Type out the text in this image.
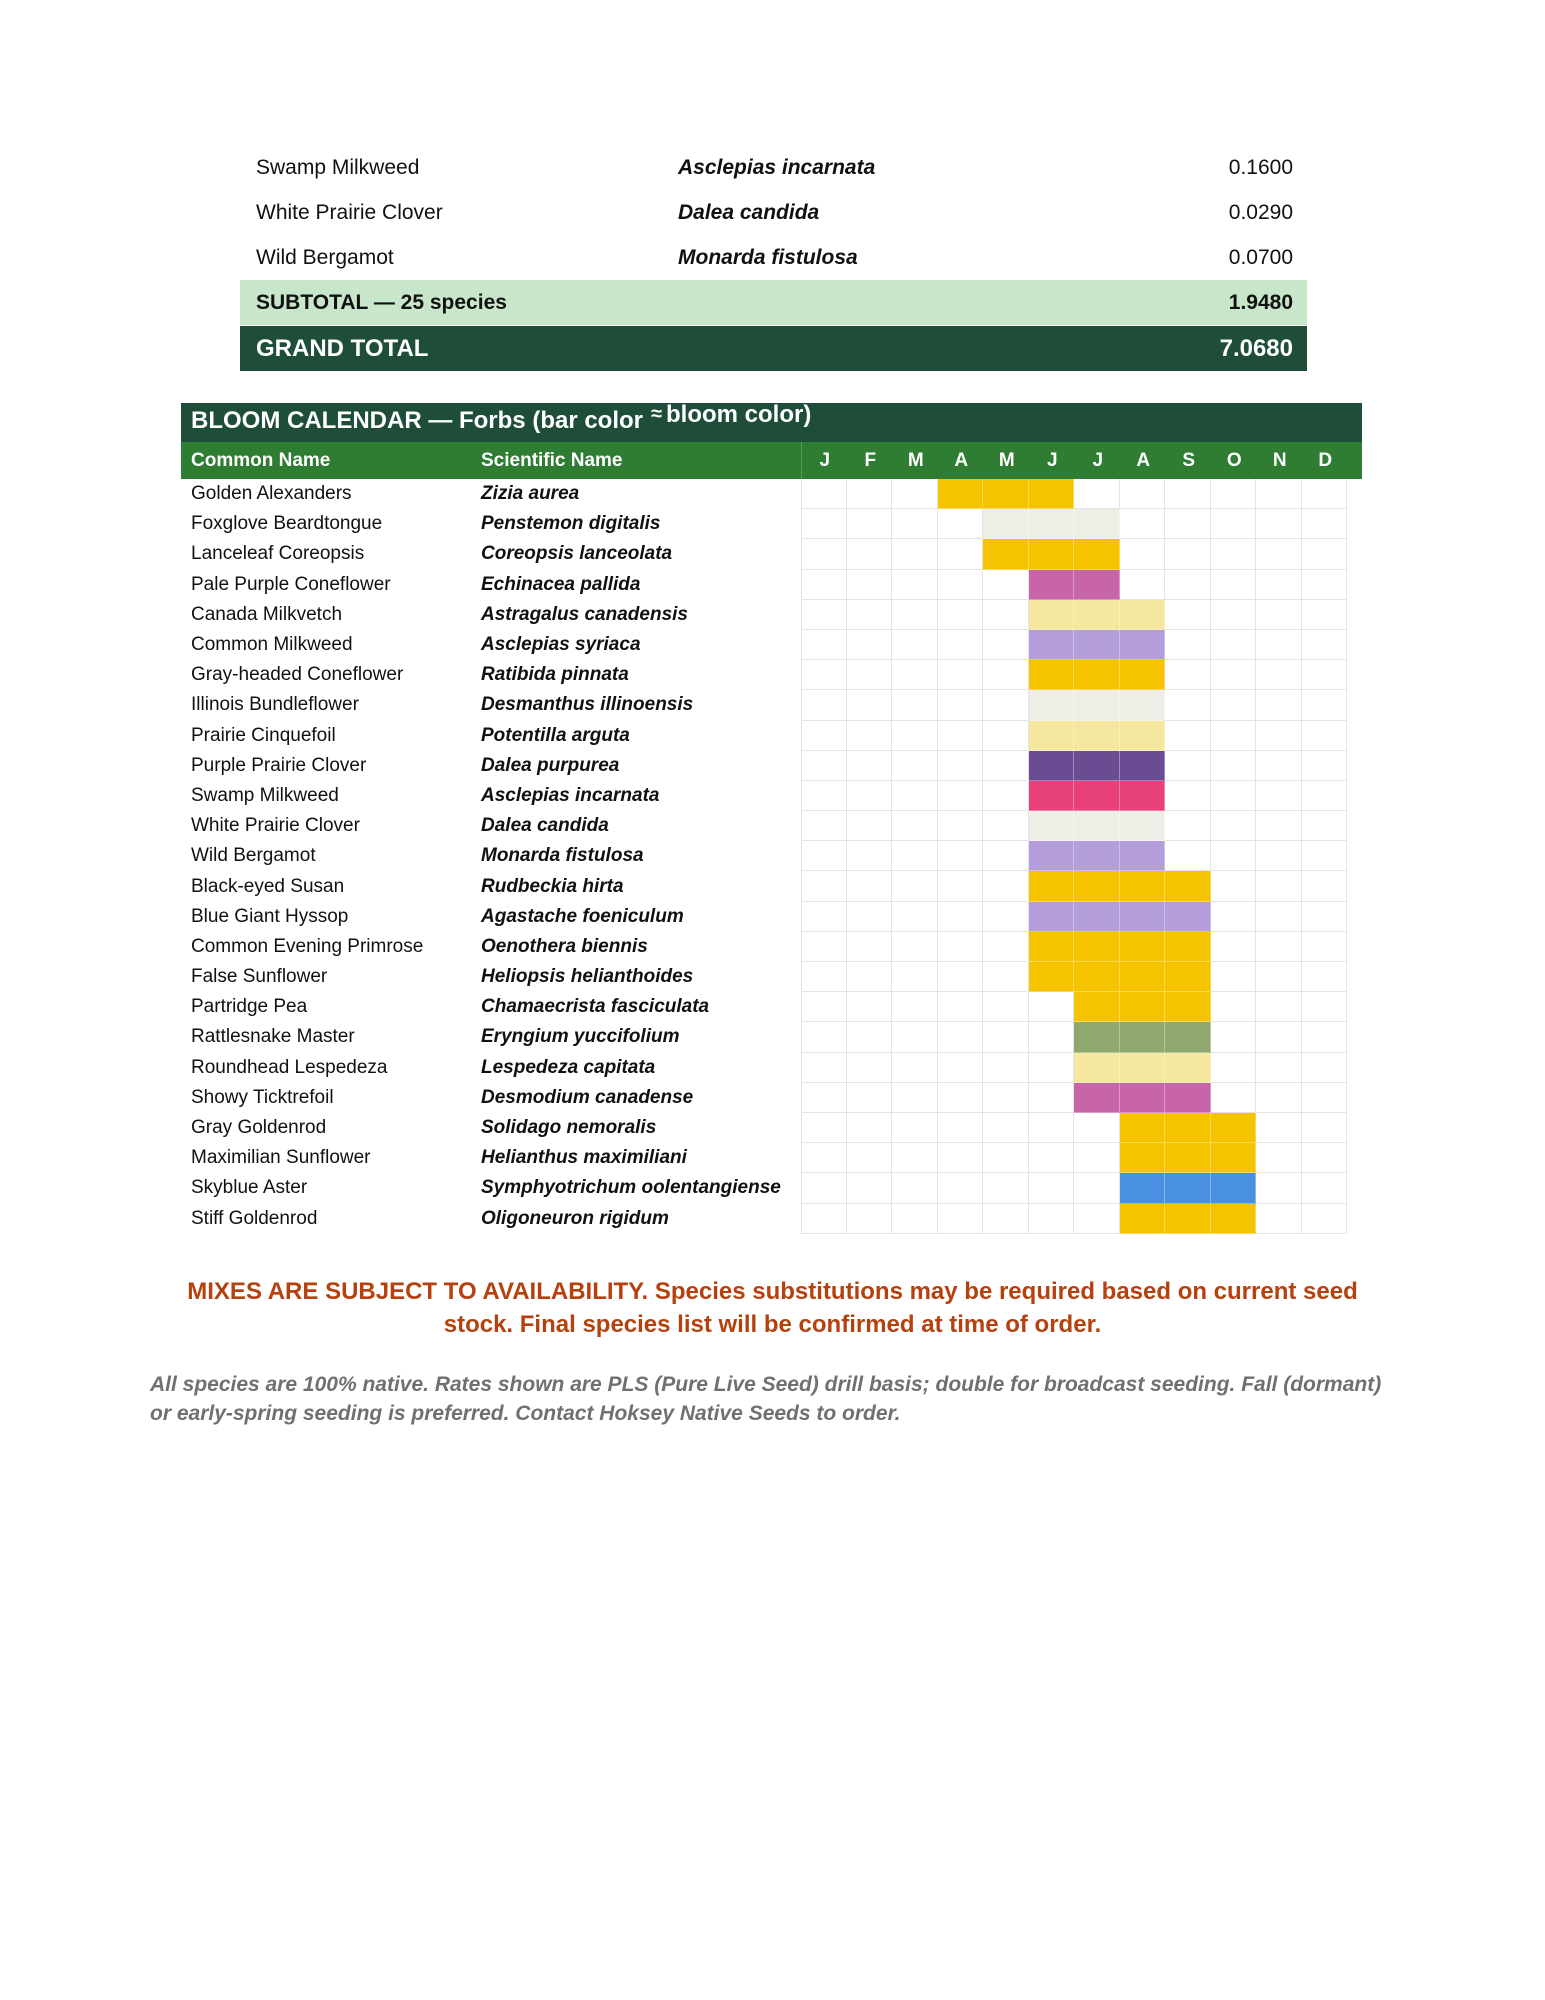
Swamp Milkweed	Asclepias incarnata	0.1600
White Prairie Clover	Dalea candida	0.0290
Wild Bergamot	Monarda fistulosa	0.0700
SUBTOTAL — 25 species	1.9480
GRAND TOTAL	7.0680
BLOOM CALENDAR — Forbs (bar color ≈ bloom color)
Common Name	Scientific Name	J	F	M	A	M	J	J	A	S	O	N	D
Golden Alexanders	Zizia aurea
Foxglove Beardtongue	Penstemon digitalis
Lanceleaf Coreopsis	Coreopsis lanceolata
Pale Purple Coneflower	Echinacea pallida
Canada Milkvetch	Astragalus canadensis
Common Milkweed	Asclepias syriaca
Gray-headed Coneflower	Ratibida pinnata
Illinois Bundleflower	Desmanthus illinoensis
Prairie Cinquefoil	Potentilla arguta
Purple Prairie Clover	Dalea purpurea
Swamp Milkweed	Asclepias incarnata
White Prairie Clover	Dalea candida
Wild Bergamot	Monarda fistulosa
Black-eyed Susan	Rudbeckia hirta
Blue Giant Hyssop	Agastache foeniculum
Common Evening Primrose	Oenothera biennis
False Sunflower	Heliopsis helianthoides
Partridge Pea	Chamaecrista fasciculata
Rattlesnake Master	Eryngium yuccifolium
Roundhead Lespedeza	Lespedeza capitata
Showy Ticktrefoil	Desmodium canadense
Gray Goldenrod	Solidago nemoralis
Maximilian Sunflower	Helianthus maximiliani
Skyblue Aster	Symphyotrichum oolentangiense
Stiff Goldenrod	Oligoneuron rigidum
MIXES ARE SUBJECT TO AVAILABILITY. Species substitutions may be required based on current seed stock. Final species list will be confirmed at time of order.
All species are 100% native. Rates shown are PLS (Pure Live Seed) drill basis; double for broadcast seeding. Fall (dormant) or early-spring seeding is preferred. Contact Hoksey Native Seeds to order.
